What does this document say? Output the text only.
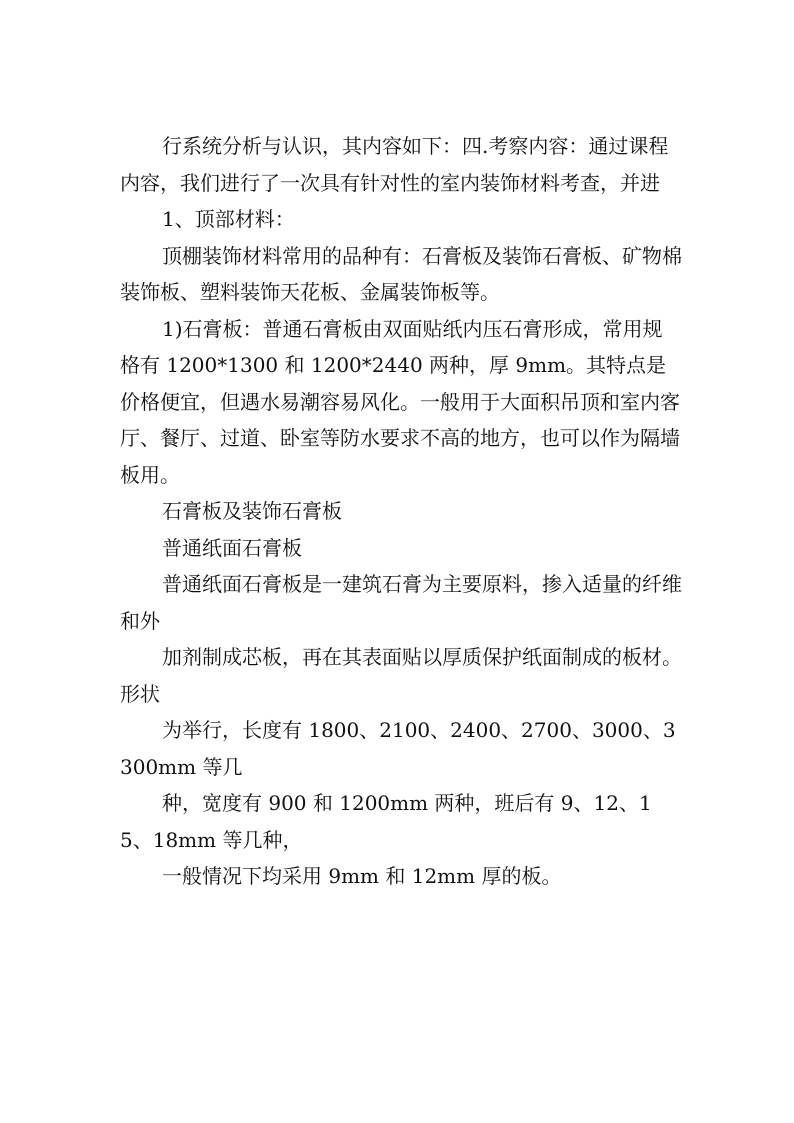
行系统分析与认识，其内容如下：四.考察内容：通过课程内容，我们进行了一次具有针对性的室内装饰材料考查，并进

1、顶部材料：

顶棚装饰材料常用的品种有：石膏板及装饰石膏板、矿物棉装饰板、塑料装饰天花板、金属装饰板等。

1)石膏板：普通石膏板由双面贴纸内压石膏形成，常用规格有 1200*1300 和 1200*2440 两种，厚 9mm。其特点是价格便宜，但遇水易潮容易风化。一般用于大面积吊顶和室内客厅、餐厅、过道、卧室等防水要求不高的地方，也可以作为隔墙板用。

石膏板及装饰石膏板

普通纸面石膏板

普通纸面石膏板是一建筑石膏为主要原料，掺入适量的纤维和外

加剂制成芯板，再在其表面贴以厚质保护纸面制成的板材。形状

为举行，长度有 1800、2100、2400、2700、3000、3300mm 等几

种，宽度有 900 和 1200mm 两种，班后有 9、12、15、18mm 等几种，

一般情况下均采用 9mm 和 12mm 厚的板。
